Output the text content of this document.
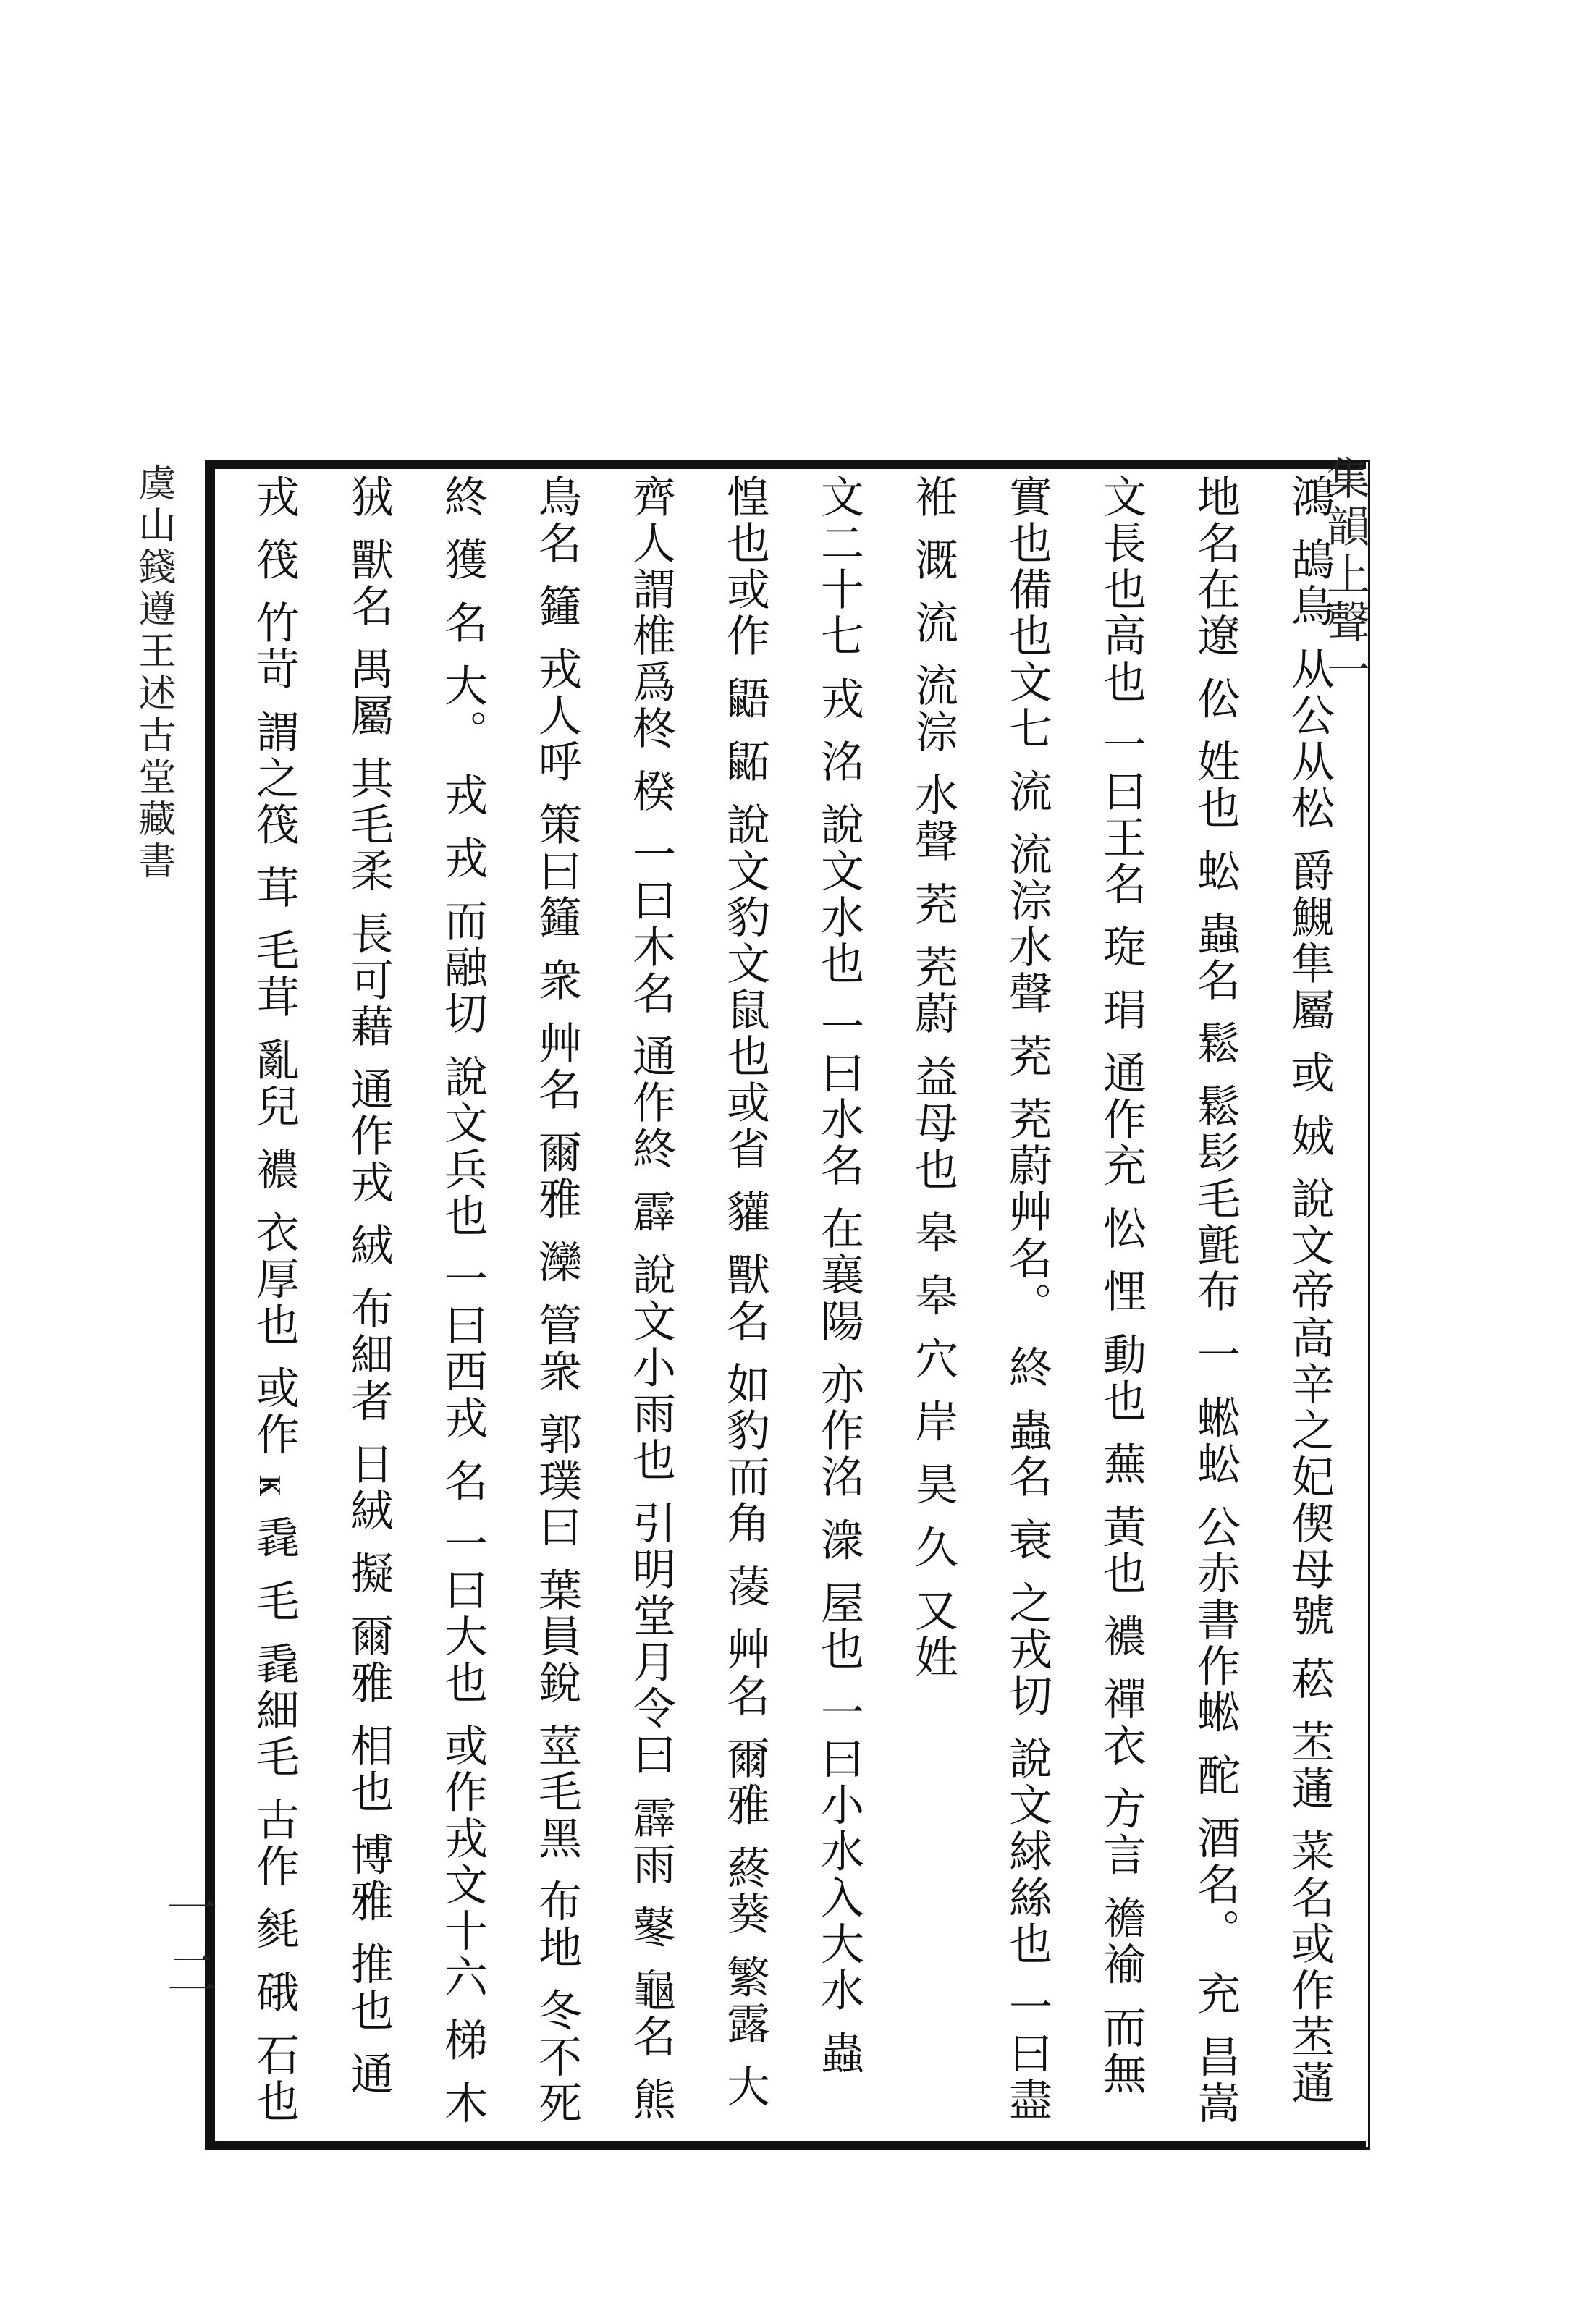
集韻上聲一
虞山錢遵王述古堂藏書
一二
鴻 鴣鳥 从公从松 爵䲅隼屬 或 娀 說文帝高辛之妃偰母號 菘 苤蓪 菜名或作苤蓪
地名在遼 伀 姓也 蚣 蟲名 鬆 鬆髟毛氈布 一 蜙蚣 公赤書作蜙 酡 酒名。 充 昌嵩
文長也高也 一曰王名 琁 琄 通作充 忪 悝 動也 蕪 黃也 襛 禪衣 方言 襜褕 而無
實也備也文七 流 流淙水聲 茺 茺蔚艸名。 終 蟲名 衰 之戎切 說文絿絲也 一曰盡
袵 溉 流 流淙 水聲 茺 茺蔚 益母也 皋 皋 穴 岸 昊 久 又姓
文二十七 戎 洺 說文水也 一曰水名 在襄陽 亦作洺 潨 屋也 一曰小水入大水 蟲
惶也或作 鼯 鼫 說文豹文鼠也或省 貛 獸名 如豹而角 蓤 艸名 爾雅 蔠葵 繁露 大
齊人謂椎爲柊 楑 一曰木名 通作終 霹 說文小雨也 引明堂月令曰 霹雨 鼕 龜名 熊
鳥名 籦 戎人呼 策曰籦 衆 艸名 爾雅 灤 管衆 郭璞曰 葉員銳 莖毛黑 布地 冬不死
終 獲 名 大。 戎 戎 而融切 說文兵也 一曰西戎 名 一曰大也 或作戎文十六 梯 木
狨 獸名 禺屬 其毛柔 長可藉 通作戎 絨 布細者 日絨 擬 爾雅 相也 博雅 推也 通
戎 筏 竹苛 謂之筏 茸 毛茸 亂兒 襛 衣厚也 或作 ҝ 毳 毛 毳細毛 古作 毵 硪 石也
